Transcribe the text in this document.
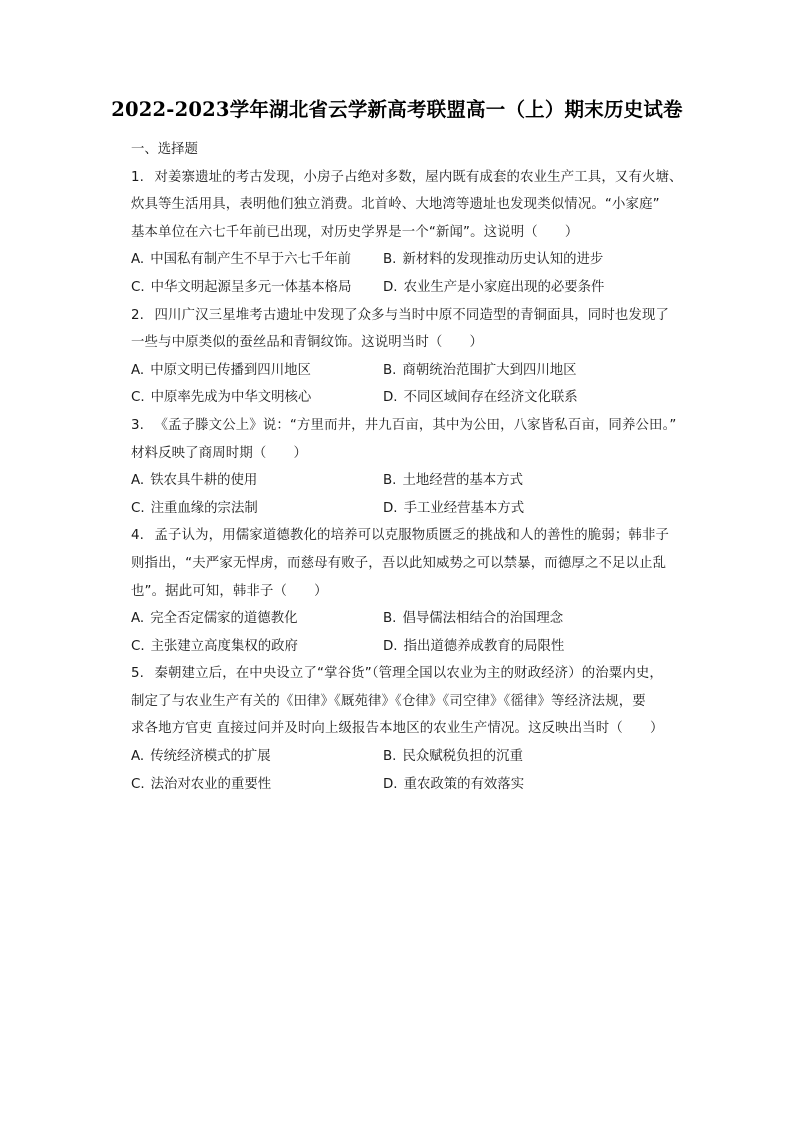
2022-2023学年湖北省云学新高考联盟高一（上）期末历史试卷
一、选择题
1. 对姜寨遗址的考古发现，小房子占绝对多数，屋内既有成套的农业生产工具，又有火塘、
炊具等生活用具，表明他们独立消费。北首岭、大地湾等遗址也发现类似情况。“小家庭”
基本单位在六七千年前已出现，对历史学界是一个“新闻”。这说明（　　）
A. 中国私有制产生不早于六七千年前	B. 新材料的发现推动历史认知的进步
C. 中华文明起源呈多元一体基本格局	D. 农业生产是小家庭出现的必要条件
2. 四川广汉三星堆考古遗址中发现了众多与当时中原不同造型的青铜面具，同时也发现了
一些与中原类似的蚕丝品和青铜纹饰。这说明当时（　　）
A. 中原文明已传播到四川地区	B. 商朝统治范围扩大到四川地区
C. 中原率先成为中华文明核心	D. 不同区域间存在经济文化联系
3. 《孟子滕文公上》说：“方里而井，井九百亩，其中为公田，八家皆私百亩，同养公田。”
材料反映了商周时期（　　）
A. 铁农具牛耕的使用	B. 土地经营的基本方式
C. 注重血缘的宗法制	D. 手工业经营基本方式
4. 孟子认为，用儒家道德教化的培养可以克服物质匮乏的挑战和人的善性的脆弱；韩非子
则指出，“夫严家无悍虏，而慈母有败子，吾以此知威势之可以禁暴，而德厚之不足以止乱
也”。据此可知，韩非子（　　）
A. 完全否定儒家的道德教化	B. 倡导儒法相结合的治国理念
C. 主张建立高度集权的政府	D. 指出道德养成教育的局限性
5. 秦朝建立后，在中央设立了“掌谷货”（管理全国以农业为主的财政经济）的治粟内史，
制定了与农业生产有关的《田律》《厩苑律》《仓律》《司空律》《徭律》等经济法规，要
求各地方官吏 直接过问并及时向上级报告本地区的农业生产情况。这反映出当时（　　）
A. 传统经济模式的扩展	B. 民众赋税负担的沉重
C. 法治对农业的重要性	D. 重农政策的有效落实
